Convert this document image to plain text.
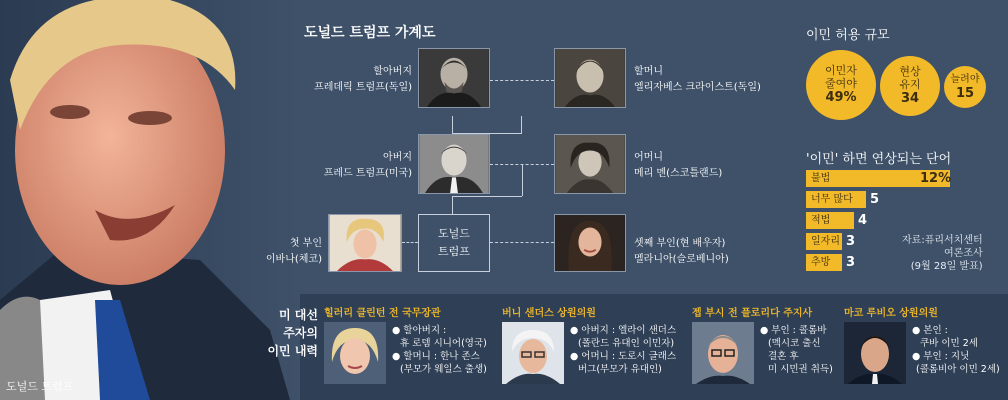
도널드 트럼프
도널드 트럼프 가계도
할아버지
프레데릭 트럼프(독일)
할머니
엘리자베스 크라이스트(독일)
아버지
프레드 트럼프(미국)
어머니
메리 멘(스코틀랜드)
첫 부인
이바나(체코)
도널드
트럼프
셋째 부인(현 배우자)
멜라니아(슬로베니아)
이민 허용 규모
이민자 줄여야
49%
현상 유지
34
늘려야
15
'이민' 하면 연상되는 단어
자료:퓨리서치센터
여론조사
(9월 28일 발표)
미 대선
주자의
이민 내력
힐러리 클린턴 전 국무장관
● 할아버지 :
휴 로뎀 시니어(영국)
● 할머니 : 한나 존스
(부모가 웨일스 출생)
버니 샌더스 상원의원
● 아버지 : 엘라이 샌더스
(폴란드 유대인 이민자)
● 어머니 : 도로시 글래스
버그(부모가 유대인)
젭 부시 전 플로리다 주지사
● 부인 : 콜롬바
(멕시코 출신
결혼 후
미 시민권 취득)
마코 루비오 상원의원
● 본인 :
쿠바 이민 2세
● 부인 : 지닛
(콜롬비아 이민 2세)
불법	12%
너무 많다	5
적법	4
일자리 3
추방	3
